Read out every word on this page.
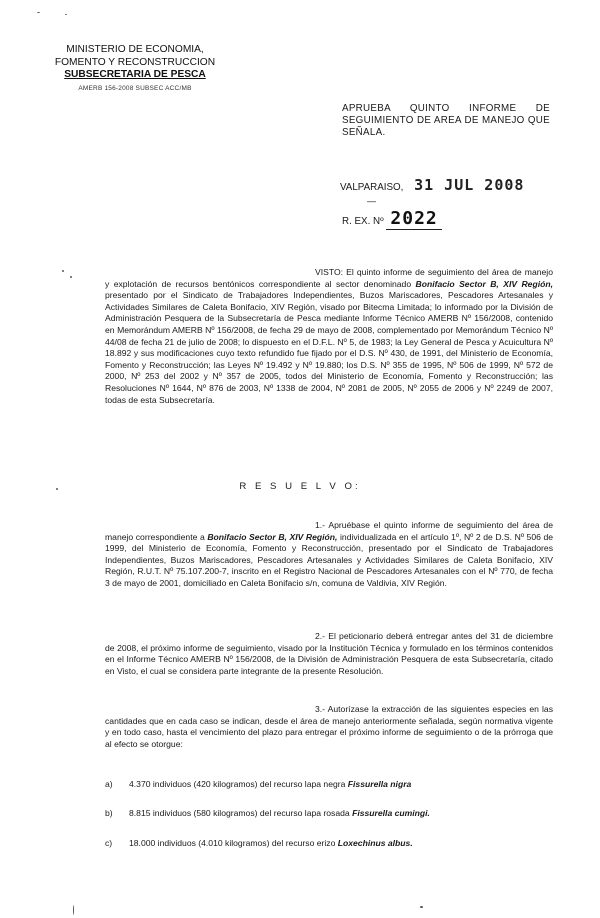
MINISTERIO DE ECONOMIA,
FOMENTO Y RECONSTRUCCION
SUBSECRETARIA DE PESCA
AMERB 156-2008 SUBSEC ACC/MB
APRUEBA QUINTO INFORME DE SEGUIMIENTO DE AREA DE MANEJO QUE SEÑALA.
VALPARAISO, 31 JUL 2008
—
R. EX. Nº 2022
VISTO: El quinto informe de seguimiento del área de manejo y explotación de recursos bentónicos correspondiente al sector denominado Bonifacio Sector B, XIV Región, presentado por el Sindicato de Trabajadores Independientes, Buzos Mariscadores, Pescadores Artesanales y Actividades Similares de Caleta Bonifacio, XIV Región, visado por Bitecma Limitada; lo informado por la División de Administración Pesquera de la Subsecretaría de Pesca mediante Informe Técnico AMERB Nº 156/2008, contenido en Memorándum AMERB Nº 156/2008, de fecha 29 de mayo de 2008, complementado por Memorándum Técnico Nº 44/08 de fecha 21 de julio de 2008; lo dispuesto en el D.F.L. Nº 5, de 1983; la Ley General de Pesca y Acuicultura Nº 18.892 y sus modificaciones cuyo texto refundido fue fijado por el D.S. Nº 430, de 1991, del Ministerio de Economía, Fomento y Reconstrucción; las Leyes Nº 19.492 y Nº 19.880; los D.S. Nº 355 de 1995, Nº 506 de 1999, Nº 572 de 2000, Nº 253 del 2002 y Nº 357 de 2005, todos del Ministerio de Economía, Fomento y Reconstrucción; las Resoluciones Nº 1644, Nº 876 de 2003, Nº 1338 de 2004, Nº 2081 de 2005, Nº 2055 de 2006 y Nº 2249 de 2007, todas de esta Subsecretaría.
R E S U E L V O:
1.- Apruébase el quinto informe de seguimiento del área de manejo correspondiente a Bonifacio Sector B, XIV Región, individualizada en el artículo 1º, Nº 2 de D.S. Nº 506 de 1999, del Ministerio de Economía, Fomento y Reconstrucción, presentado por el Sindicato de Trabajadores Independientes, Buzos Mariscadores, Pescadores Artesanales y Actividades Similares de Caleta Bonifacio, XIV Región, R.U.T. Nº 75.107.200-7, inscrito en el Registro Nacional de Pescadores Artesanales con el Nº 770, de fecha 3 de mayo de 2001, domiciliado en Caleta Bonifacio s/n, comuna de Valdivia, XIV Región.
2.- El peticionario deberá entregar antes del 31 de diciembre de 2008, el próximo informe de seguimiento, visado por la Institución Técnica y formulado en los términos contenidos en el Informe Técnico AMERB Nº 156/2008, de la División de Administración Pesquera de esta Subsecretaría, citado en Visto, el cual se considera parte integrante de la presente Resolución.
3.- Autorízase la extracción de las siguientes especies en las cantidades que en cada caso se indican, desde el área de manejo anteriormente señalada, según normativa vigente y en todo caso, hasta el vencimiento del plazo para entregar el próximo informe de seguimiento o de la prórroga que al efecto se otorgue:
a) 4.370 individuos (420 kilogramos) del recurso lapa negra Fissurella nigra
b) 8.815 individuos (580 kilogramos) del recurso lapa rosada Fissurella cumingi.
c) 18.000 individuos (4.010 kilogramos) del recurso erizo Loxechinus albus.
